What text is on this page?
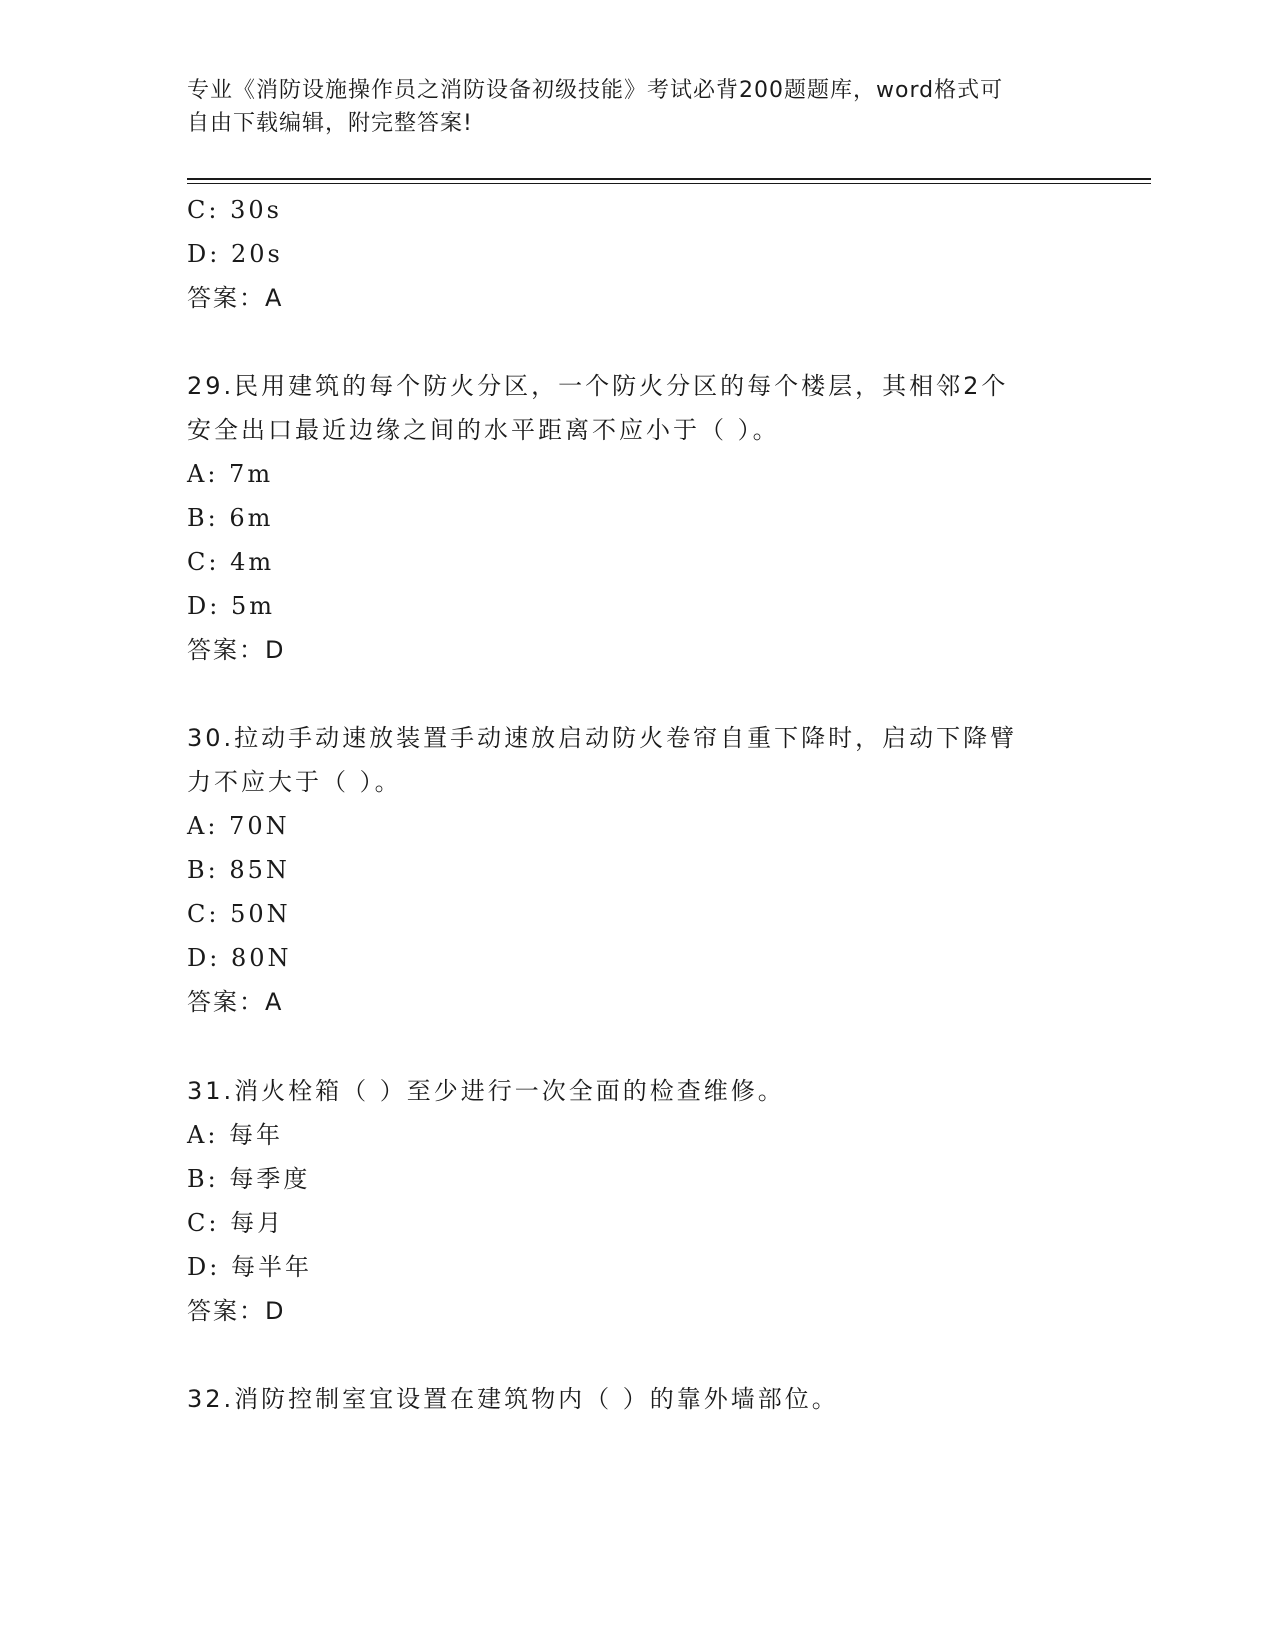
专业《消防设施操作员之消防设备初级技能》考试必背200题题库，word格式可
自由下载编辑，附完整答案!
C: 30s
D: 20s
答案：A
29.民用建筑的每个防火分区，一个防火分区的每个楼层，其相邻2个
安全出口最近边缘之间的水平距离不应小于（ ）。
A: 7m
B: 6m
C: 4m
D: 5m
答案：D
30.拉动手动速放装置手动速放启动防火卷帘自重下降时，启动下降臂
力不应大于（ ）。
A: 70N
B: 85N
C: 50N
D: 80N
答案：A
31.消火栓箱（ ）至少进行一次全面的检查维修。
A: 每年
B: 每季度
C: 每月
D: 每半年
答案：D
32.消防控制室宜设置在建筑物内（ ）的靠外墙部位。
